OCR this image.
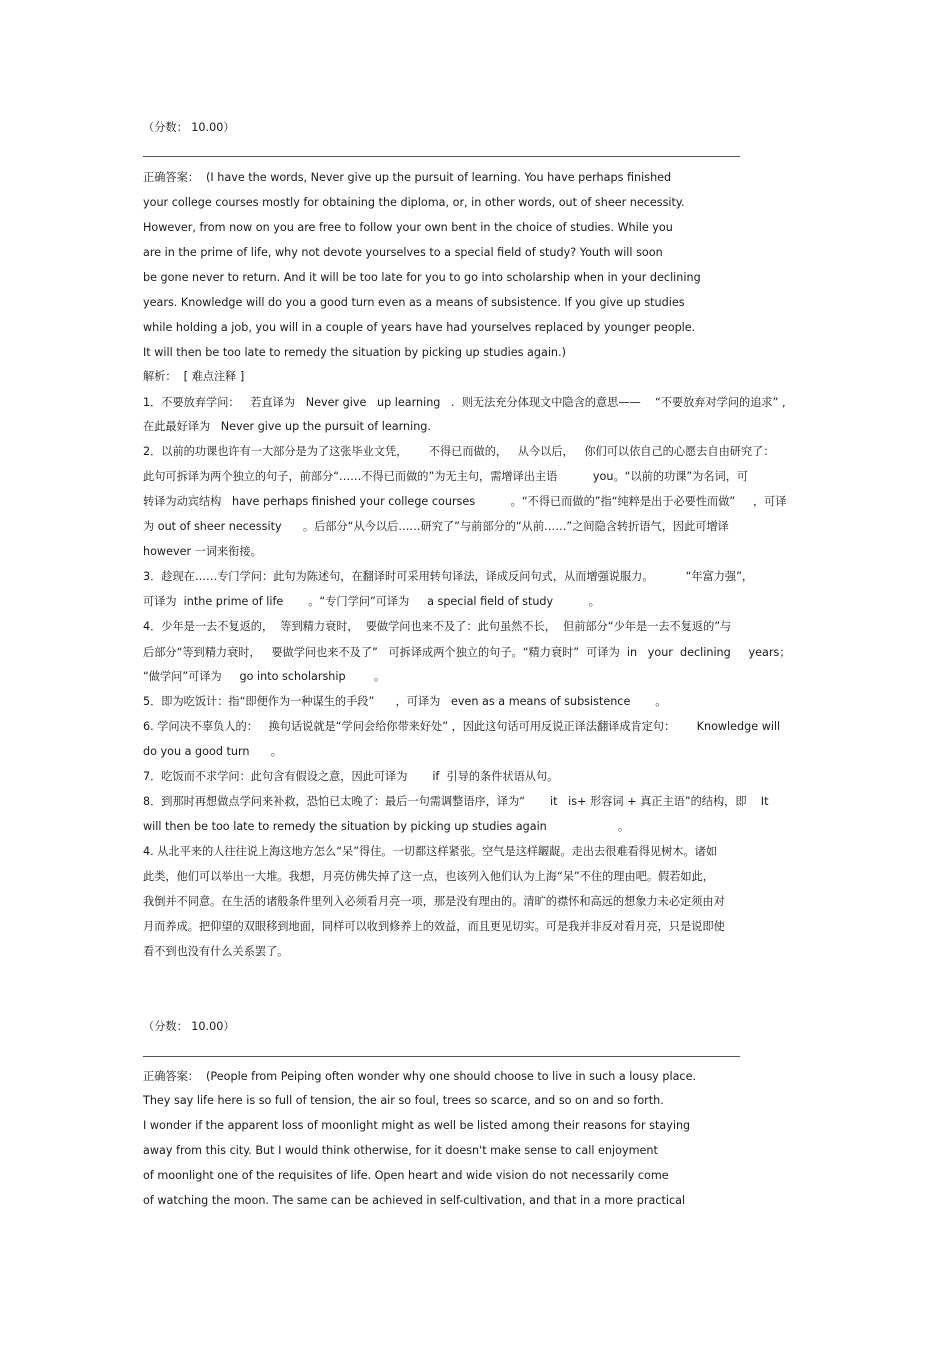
（分数： 10.00）
正确答案：  (I have the words, Never give up the pursuit of learning. You have perhaps finished
your college courses mostly for obtaining the diploma, or, in other words, out of sheer necessity.
However, from now on you are free to follow your own bent in the choice of studies. While you
are in the prime of life, why not devote yourselves to a special field of study? Youth will soon
be gone never to return. And it will be too late for you to go into scholarship when in your declining
years. Knowledge will do you a good turn even as a means of subsistence. If you give up studies
while holding a job, you will in a couple of years have had yourselves replaced by younger people.
It will then be too late to remedy the situation by picking up studies again.)
解析：  [ 难点注释 ]
1．不要放弃学问：   若直译为   Never give   up learning   .  则无法充分体现文中隐含的意思——    “不要放弃对学问的追求” ,
在此最好译为   Never give up the pursuit of learning.
2．以前的功课也许有一大部分是为了这张毕业文凭，      不得已而做的，   从今以后，   你们可以依自己的心愿去自由研究了：
此句可拆译为两个独立的句子，前部分“……不得已而做的”为无主句，需增译出主语          you。“以前的功课”为名词，可
转译为动宾结构   have perhaps finished your college courses          。“不得已而做的”指“纯粹是出于必要性而做”     ，可译
为 out of sheer necessity      。后部分“从今以后……研究了”与前部分的“从前……”之间隐含转折语气，因此可增译
however 一词来衔接。
3．趁现在……专门学问：此句为陈述句，在翻译时可采用转句译法，译成反问句式，从而增强说服力。         “年富力强”，
可译为  inthe prime of life       。“专门学问”可译为     a special field of study          。
4．少年是一去不复返的，  等到精力衰时，  要做学问也来不及了：此句虽然不长，  但前部分“少年是一去不复返的”与
后部分“等到精力衰时，   要做学问也来不及了”   可拆译成两个独立的句子。“精力衰时”  可译为  in   your  declining     years；
“做学问”可译为     go into scholarship        。
5．即为吃饭计：指“即便作为一种谋生的手段”      ，可译为   even as a means of subsistence       。
6. 学问决不辜负人的：   换句话说就是“学问会给你带来好处” ，因此这句话可用反说正译法翻译成肯定句：      Knowledge will
do you a good turn      。
7．吃饭而不求学问：此句含有假设之意，因此可译为       if  引导的条件状语从句。
8．到那时再想做点学问来补救，恐怕已太晚了：最后一句需调整语序，译为“       it   is+ 形容词 + 真正主语”的结构，即    It
will then be too late to remedy the situation by picking up studies again                    。
4. 从北平来的人往往说上海这地方怎么“呆”得住。一切都这样紧张。空气是这样龌龊。走出去很难看得见树木。诸如
此类，他们可以举出一大堆。我想，月亮仿佛失掉了这一点，也该列入他们认为上海“呆”不住的理由吧。假若如此，
我倒并不同意。在生活的诸般条件里列入必须看月亮一项，那是没有理由的。清旷的襟怀和高远的想象力未必定须由对
月而养成。把仰望的双眼移到地面，同样可以收到修养上的效益，而且更见切实。可是我并非反对看月亮，只是说即使
看不到也没有什么关系罢了。
（分数： 10.00）
正确答案：  (People from Peiping often wonder why one should choose to live in such a lousy place.
They say life here is so full of tension, the air so foul, trees so scarce, and so on and so forth.
I wonder if the apparent loss of moonlight might as well be listed among their reasons for staying
away from this city. But I would think otherwise, for it doesn't make sense to call enjoyment
of moonlight one of the requisites of life. Open heart and wide vision do not necessarily come
of watching the moon. The same can be achieved in self-cultivation, and that in a more practical
